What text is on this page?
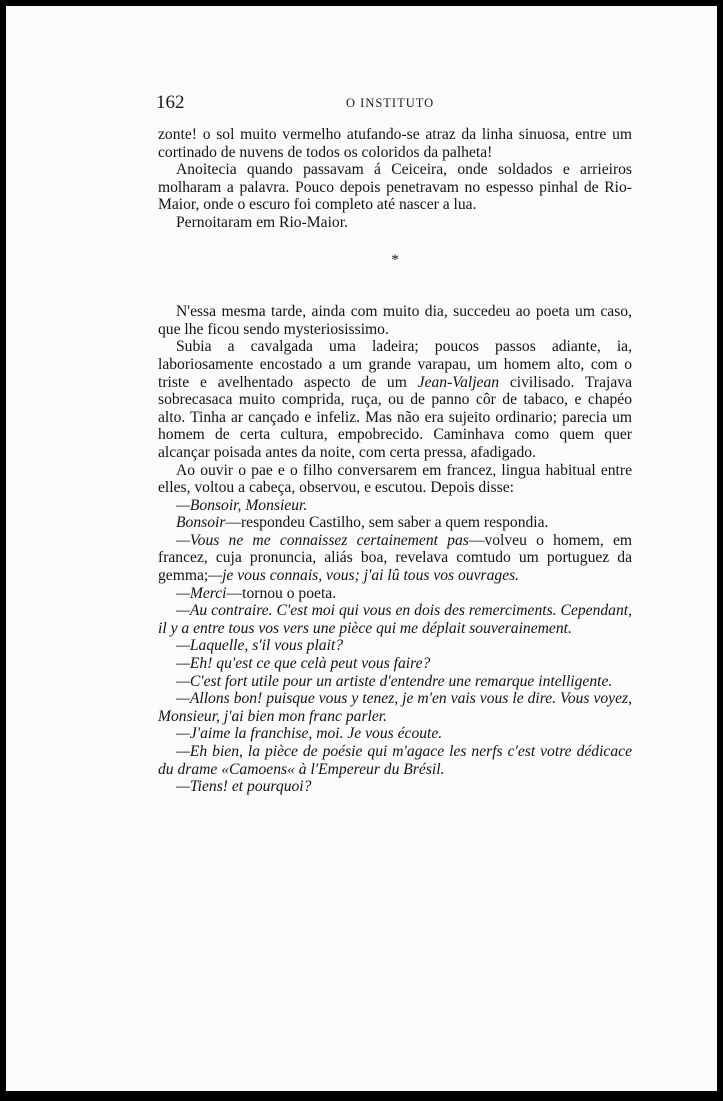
162	O INSTITUTO

zonte! o sol muito vermelho atufando-se atraz da linha sinuosa, entre um cortinado de nuvens de todos os coloridos da palheta!

Anoitecia quando passavam á Ceiceira, onde soldados e arrieiros molharam a palavra. Pouco depois penetravam no espesso pinhal de Rio-Maior, onde o escuro foi completo até nascer a lua.

Pernoitaram em Rio-Maior.

*

N'essa mesma tarde, ainda com muito dia, succedeu ao poeta um caso, que lhe ficou sendo mysteriosissimo.

Subia a cavalgada uma ladeira; poucos passos adiante, ia, laboriosamente encostado a um grande varapau, um homem alto, com o triste e avelhentado aspecto de um Jean-Valjean civilisado. Trajava sobrecasaca muito comprida, ruça, ou de panno côr de tabaco, e chapéo alto. Tinha ar cançado e infeliz. Mas não era sujeito ordinario; parecia um homem de certa cultura, empobrecido. Caminhava como quem quer alcançar poisada antes da noite, com certa pressa, afadigado.

Ao ouvir o pae e o filho conversarem em francez, lingua habitual entre elles, voltou a cabeça, observou, e escutou. Depois disse:

—Bonsoir, Monsieur.

Bonsoir—respondeu Castilho, sem saber a quem respondia.

—Vous ne me connaissez certainement pas—volveu o homem, em francez, cuja pronuncia, aliás boa, revelava comtudo um portuguez da gemma;—je vous connais, vous; j'ai lû tous vos ouvrages.

—Merci—tornou o poeta.

—Au contraire. C'est moi qui vous en dois des remerciments. Cependant, il y a entre tous vos vers une pièce qui me déplait souverainement.

—Laquelle, s'il vous plait?

—Eh! qu'est ce que celà peut vous faire?

—C'est fort utile pour un artiste d'entendre une remarque intelligente.

—Allons bon! puisque vous y tenez, je m'en vais vous le dire. Vous voyez, Monsieur, j'ai bien mon franc parler.

—J'aime la franchise, moi. Je vous écoute.

—Eh bien, la pièce de poésie qui m'agace les nerfs c'est votre dédicace du drame «Camoens« à l'Empereur du Brésil.

—Tiens! et pourquoi?
